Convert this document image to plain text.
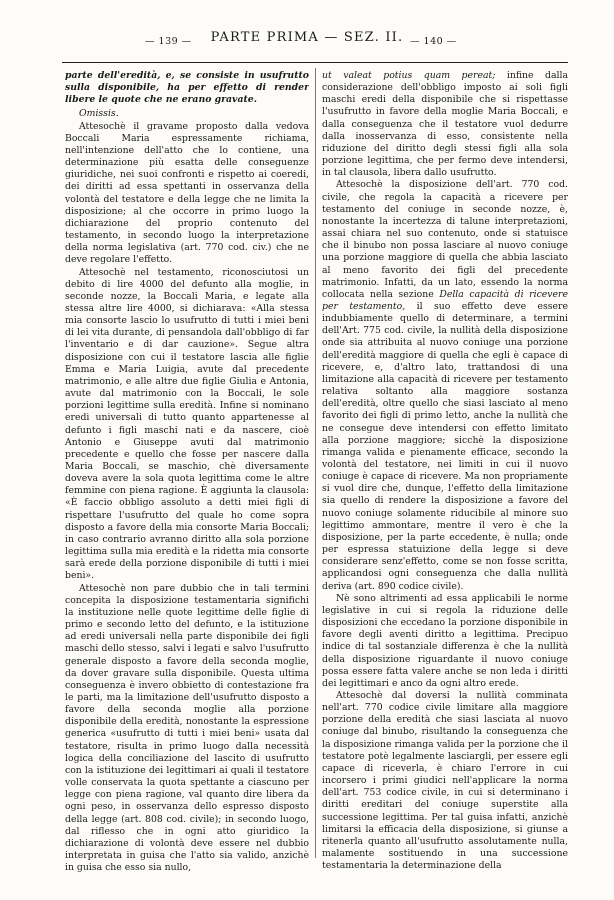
— 139 —	PARTE PRIMA — SEZ. II. — 140 —

parte dell'eredità, e, se consiste in usufrutto sulla disponibile, ha per effetto di render libere le quote che ne erano gravate.

Omissis.

Attesochè il gravame proposto dalla vedova Boccali Maria espressamente richiama, nell'intenzione dell'atto che lo contiene, una determinazione più esatta delle conseguenze giuridiche, nei suoi confronti e rispetto ai coeredi, dei diritti ad essa spettanti in osservanza della volontà del testatore e della legge che ne limita la disposizione; al che occorre in primo luogo la dichiarazione del proprio contenuto del testamento, in secondo luogo la interpretazione della norma legislativa (art. 770 cod. civ.) che ne deve regolare l'effetto.

Attesochè nel testamento, riconosciutosi un debito di lire 4000 del defunto alla moglie, in seconde nozze, la Boccali Maria, e legate alla stessa altre lire 4000, si dichiarava: «Alla stessa mia consorte lascio lo usufrutto di tutti i miei beni di lei vita durante, di pensandola dall'obbligo di far l'inventario e di dar cauzione». Segue altra disposizione con cui il testatore lascia alle figlie Emma e Maria Luigia, avute dal precedente matrimonio, e alle altre due figlie Giulia e Antonia, avute dal matrimonio con la Boccali, le sole porzioni legittime sulla eredità. Infine si nominano eredi universali di tutto quanto appartenesse al defunto i figli maschi nati e da nascere, cioè Antonio e Giuseppe avuti dal matrimonio precedente e quello che fosse per nascere dalla Maria Boccali, se maschio, chè diversamente doveva avere la sola quota legittima come le altre femmine con piena ragione. È aggiunta la clausola: «È faccio obbligo assoluto a detti miei figli di rispettare l'usufrutto del quale ho come sopra disposto a favore della mia consorte Maria Boccali; in caso contrario avranno diritto alla sola porzione legittima sulla mia eredità e la ridetta mia consorte sarà erede della porzione disponibile di tutti i miei beni».

Attesochè non pare dubbio che in tali termini concepita la disposizione testamentaria significhi la instituzione nelle quote legittime delle figlie di primo e secondo letto del defunto, e la istituzione ad eredi universali nella parte disponibile dei figli maschi dello stesso, salvi i legati e salvo l'usufrutto generale disposto a favore della seconda moglie, da dover gravare sulla disponibile. Questa ultima conseguenza è invero obbietto di contestazione fra le parti, ma la limitazione dell'usufrutto disposto a favore della seconda moglie alla porzione disponibile della eredità, nonostante la espressione generica «usufrutto di tutti i miei beni» usata dal testatore, risulta in primo luogo dalla necessità logica della conciliazione del lascito di usufrutto con la istituzione dei legittimari ai quali il testatore volle conservata la quota spettante a ciascuno per legge con piena ragione, val quanto dire libera da ogni peso, in osservanza dello espresso disposto della legge (art. 808 cod. civile); in secondo luogo, dal riflesso che in ogni atto giuridico la dichiarazione di volontà deve essere nel dubbio interpretata in guisa che l'atto sia valido, anzichè in guisa che esso sia nullo,

ut valeat potius quam pereat; infine dalla considerazione dell'obbligo imposto ai soli figli maschi eredi della disponibile che si rispettasse l'usufrutto in favore della moglie Maria Boccali, e dalla conseguenza che il testatore vuol dedurre dalla inosservanza di esso, consistente nella riduzione del diritto degli stessi figli alla sola porzione legittima, che per fermo deve intendersi, in tal clausola, libera dallo usufrutto.

Attesochè la disposizione dell'art. 770 cod. civile, che regola la capacità a ricevere per testamento del coniuge in seconde nozze, è, nonostante la incertezza di talune interpretazioni, assai chiara nel suo contenuto, onde si statuisce che il binubo non possa lasciare al nuovo coniuge una porzione maggiore di quella che abbia lasciato al meno favorito dei figli del precedente matrimonio. Infatti, da un lato, essendo la norma collocata nella sezione Della capacità di ricevere per testamento, il suo effetto deve essere indubbiamente quello di determinare, a termini dell'Art. 775 cod. civile, la nullità della disposizione onde sia attribuita al nuovo coniuge una porzione dell'eredità maggiore di quella che egli è capace di ricevere, e, d'altro lato, trattandosi di una limitazione alla capacità di ricevere per testamento relativa soltanto alla maggiore sostanza dell'eredità, oltre quello che siasi lasciato al meno favorito dei figli di primo letto, anche la nullità che ne consegue deve intendersi con effetto limitato alla porzione maggiore; sicchè la disposizione rimanga valida e pienamente efficace, secondo la volontà del testatore, nei limiti in cui il nuovo coniuge è capace di ricevere. Ma non propriamente si vuol dire che, dunque, l'effetto della limitazione sia quello di rendere la disposizione a favore del nuovo coniuge solamente riducibile al minore suo legittimo ammontare, mentre il vero è che la disposizione, per la parte eccedente, è nulla; onde per espressa statuizione della legge si deve considerare senz'effetto, come se non fosse scritta, applicandosi ogni conseguenza che dalla nullità deriva (art. 890 codice civile).

Nè sono altrimenti ad essa applicabili le norme legislative in cui si regola la riduzione delle disposizioni che eccedano la porzione disponibile in favore degli aventi diritto a legittima. Precipuo indice di tal sostanziale differenza è che la nullità della disposizione riguardante il nuovo coniuge possa essere fatta valere anche se non leda i diritti dei legittimari e anco da ogni altro erede.

Attesochè dal doversi la nullità comminata nell'art. 770 codice civile limitare alla maggiore porzione della eredità che siasi lasciata al nuovo coniuge dal binubo, risultando la conseguenza che la disposizione rimanga valida per la porzione che il testatore potè legalmente lasciargli, per essere egli capace di riceverla, è chiaro l'errore in cui incorsero i primi giudici nell'applicare la norma dell'art. 753 codice civile, in cui si determinano i diritti ereditari del coniuge superstite alla successione legittima. Per tal guisa infatti, anzichè limitarsi la efficacia della disposizione, si giunse a ritenerla quanto all'usufrutto assolutamente nulla, malamente sostituendo in una successione testamentaria la determinazione della
